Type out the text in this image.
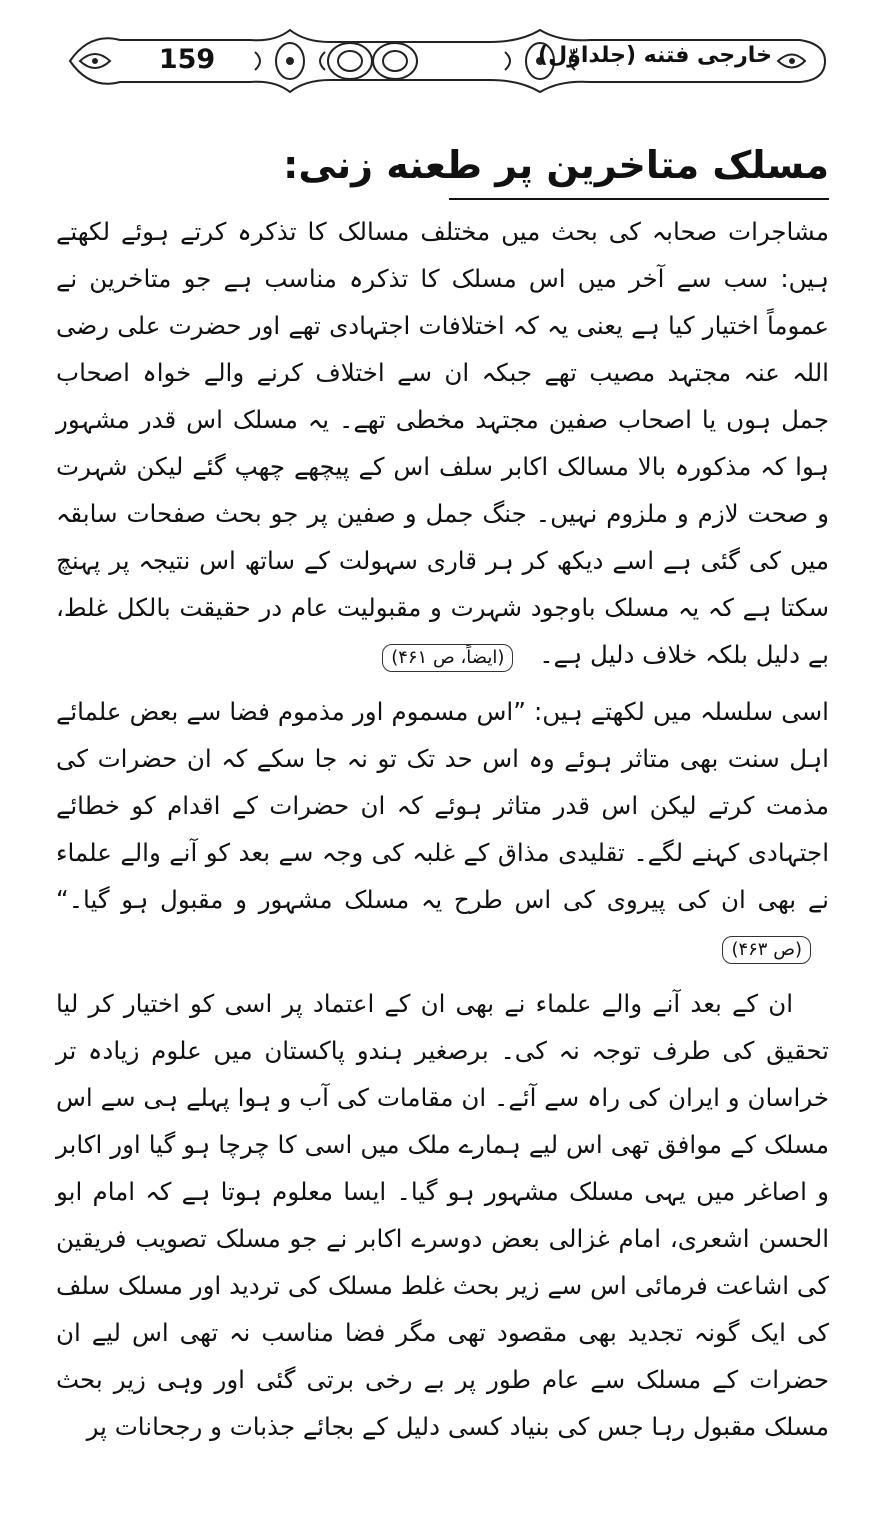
159	خارجی فتنه (جلداوّل)
مسلک متاخرین پر طعنه زنی:

مشاجرات صحابہ کی بحث میں مختلف مسالک کا تذکرہ کرتے ہوئے لکھتے ہیں: سب سے آخر میں اس مسلک کا تذکرہ مناسب ہے جو متاخرین نے عموماً اختیار کیا ہے یعنی یہ کہ اختلافات اجتہادی تھے اور حضرت علی رضی اللہ عنہ مجتہد مصیب تھے جبکہ ان سے اختلاف کرنے والے خواہ اصحاب جمل ہوں یا اصحاب صفین مجتہد مخطی تھے۔ یہ مسلک اس قدر مشہور ہوا کہ مذکورہ بالا مسالک اکابر سلف اس کے پیچھے چھپ گئے لیکن شہرت و صحت لازم و ملزوم نہیں۔ جنگ جمل و صفین پر جو بحث صفحات سابقہ میں کی گئی ہے اسے دیکھ کر ہر قاری سہولت کے ساتھ اس نتیجہ پر پہنچ سکتا ہے کہ یہ مسلک باوجود شہرت و مقبولیت عام در حقیقت بالکل غلط، بے دلیل بلکہ خلاف دلیل ہے۔ (ایضاً، ص ۴۶۱)

اسی سلسلہ میں لکھتے ہیں: ”اس مسموم اور مذموم فضا سے بعض علمائے اہل سنت بھی متاثر ہوئے وہ اس حد تک تو نہ جا سکے کہ ان حضرات کی مذمت کرتے لیکن اس قدر متاثر ہوئے کہ ان حضرات کے اقدام کو خطائے اجتہادی کہنے لگے۔ تقلیدی مذاق کے غلبہ کی وجہ سے بعد کو آنے والے علماء نے بھی ان کی پیروی کی اس طرح یہ مسلک مشہور و مقبول ہو گیا۔“ (ص ۴۶۳)

ان کے بعد آنے والے علماء نے بھی ان کے اعتماد پر اسی کو اختیار کر لیا تحقیق کی طرف توجہ نہ کی۔ برصغیر ہندو پاکستان میں علوم زیادہ تر خراسان و ایران کی راہ سے آئے۔ ان مقامات کی آب و ہوا پہلے ہی سے اس مسلک کے موافق تھی اس لیے ہمارے ملک میں اسی کا چرچا ہو گیا اور اکابر و اصاغر میں یہی مسلک مشہور ہو گیا۔ ایسا معلوم ہوتا ہے کہ امام ابو الحسن اشعری، امام غزالی بعض دوسرے اکابر نے جو مسلک تصویب فریقین کی اشاعت فرمائی اس سے زیر بحث غلط مسلک کی تردید اور مسلک سلف کی ایک گونہ تجدید بھی مقصود تھی مگر فضا مناسب نہ تھی اس لیے ان حضرات کے مسلک سے عام طور پر بے رخی برتی گئی اور وہی زیر بحث مسلک مقبول رہا جس کی بنیاد کسی دلیل کے بجائے جذبات و رجحانات پر
